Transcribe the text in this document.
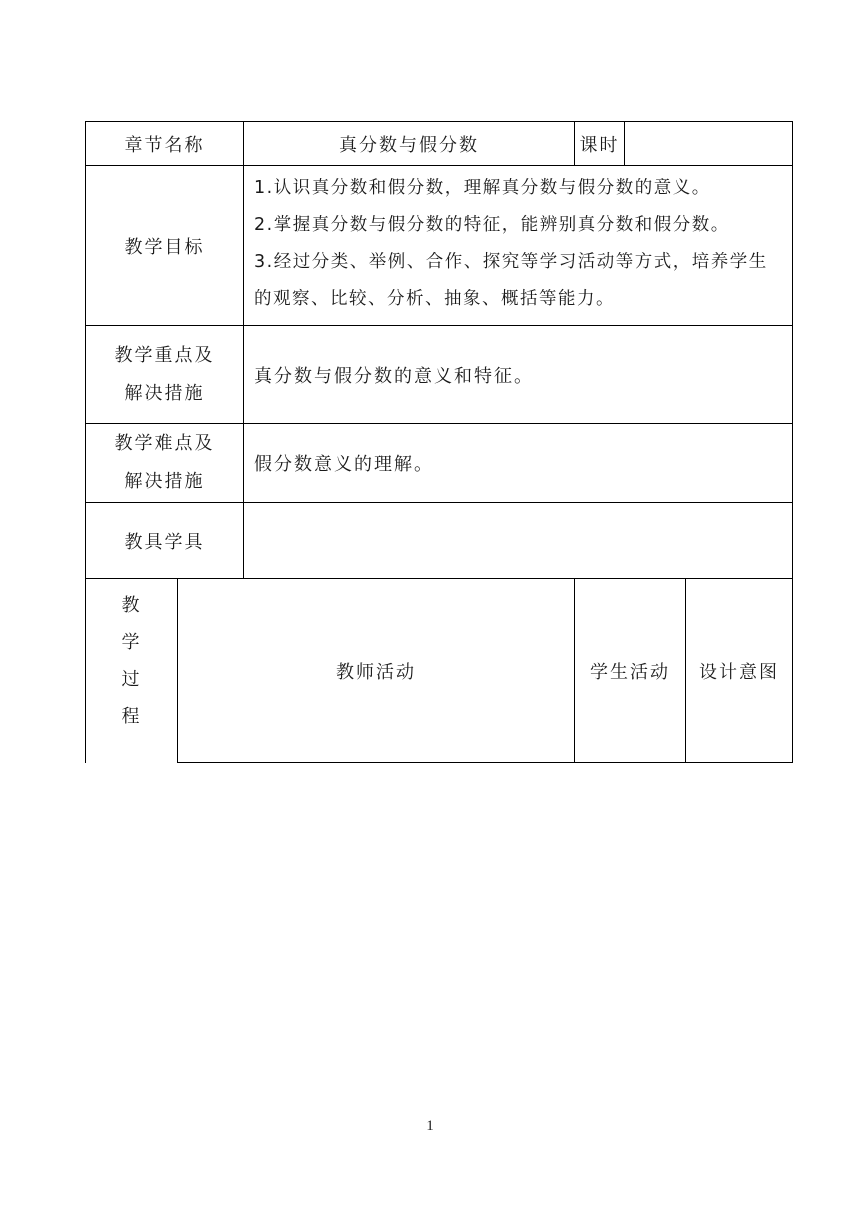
章节名称		真分数与假分数	课时		
教学目标		1.认识真分数和假分数，理解真分数与假分数的意义。
2.掌握真分数与假分数的特征，能辨别真分数和假分数。
3.经过分类、举例、合作、探究等学习活动等方式，培养学生的观察、比较、分析、抽象、概括等能力。			

教学重点及
解决措施		真分数与假分数的意义和特征。			

教学难点及
解决措施		假分数意义的理解。			
教具学具					

教
学
过
程	教师活动		学生活动		设计意图
1
